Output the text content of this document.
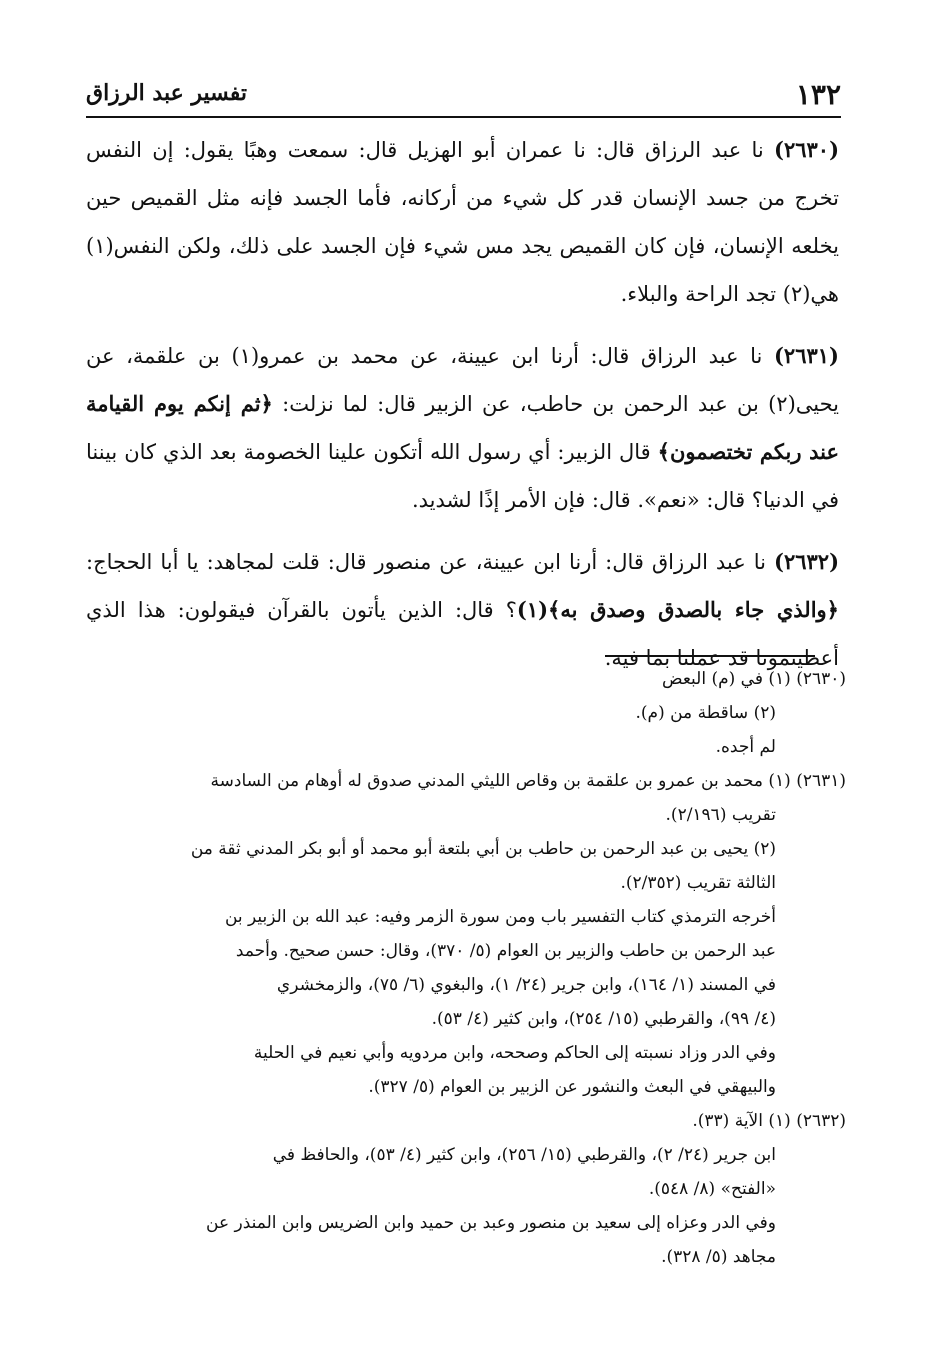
١٣٢
تفسير عبد الرزاق

(٢٦٣٠) نا عبد الرزاق قال: نا عمران أبو الهزيل قال: سمعت وهبًا يقول: إن النفس تخرج من جسد الإنسان قدر كل شيء من أركانه، فأما الجسد فإنه مثل القميص حين يخلعه الإنسان، فإن كان القميص يجد مس شيء فإن الجسد على ذلك، ولكن النفس(١) هي(٢) تجد الراحة والبلاء.

(٢٦٣١) نا عبد الرزاق قال: أرنا ابن عيينة، عن محمد بن عمرو(١) بن علقمة، عن يحيى(٢) بن عبد الرحمن بن حاطب، عن الزبير قال: لما نزلت: ﴿ثم إنكم يوم القيامة عند ربكم تختصمون﴾ قال الزبير: أي رسول الله أتكون علينا الخصومة بعد الذي كان بيننا في الدنيا؟ قال: «نعم». قال: فإن الأمر إذًا لشديد.

(٢٦٣٢) نا عبد الرزاق قال: أرنا ابن عيينة، عن منصور قال: قلت لمجاهد: يا أبا الحجاج: ﴿والذي جاء بالصدق وصدق به﴾(١)؟ قال: الذين يأتون بالقرآن فيقولون: هذا الذي أعطيتمونا قد عملنا بما فيه.

(٢٦٣٠) (١) في (م) البعض
(٢) ساقطة من (م).
لم أجده.
(٢٦٣١) (١) محمد بن عمرو بن علقمة بن وقاص الليثي المدني صدوق له أوهام من السادسة
تقريب (٢/١٩٦).
(٢) يحيى بن عبد الرحمن بن حاطب بن أبي بلتعة أبو محمد أو أبو بكر المدني ثقة من
الثالثة تقريب (٢/٣٥٢).
أخرجه الترمذي كتاب التفسير باب ومن سورة الزمر وفيه: عبد الله بن الزبير بن
عبد الرحمن بن حاطب والزبير بن العوام (٥/ ٣٧٠)، وقال: حسن صحيح. وأحمد
في المسند (١/ ١٦٤)، وابن جرير (٢٤/ ١)، والبغوي (٦/ ٧٥)، والزمخشري
(٤/ ٩٩)، والقرطبي (١٥/ ٢٥٤)، وابن كثير (٤/ ٥٣).
وفي الدر وزاد نسبته إلى الحاكم وصححه، وابن مردويه وأبي نعيم في الحلية
والبيهقي في البعث والنشور عن الزبير بن العوام (٥/ ٣٢٧).
(٢٦٣٢) (١) الآية (٣٣).
ابن جرير (٢٤/ ٢)، والقرطبي (١٥/ ٢٥٦)، وابن كثير (٤/ ٥٣)، والحافظ في
«الفتح» (٨/ ٥٤٨).
وفي الدر وعزاه إلى سعيد بن منصور وعبد بن حميد وابن الضريس وابن المنذر عن
مجاهد (٥/ ٣٢٨).
